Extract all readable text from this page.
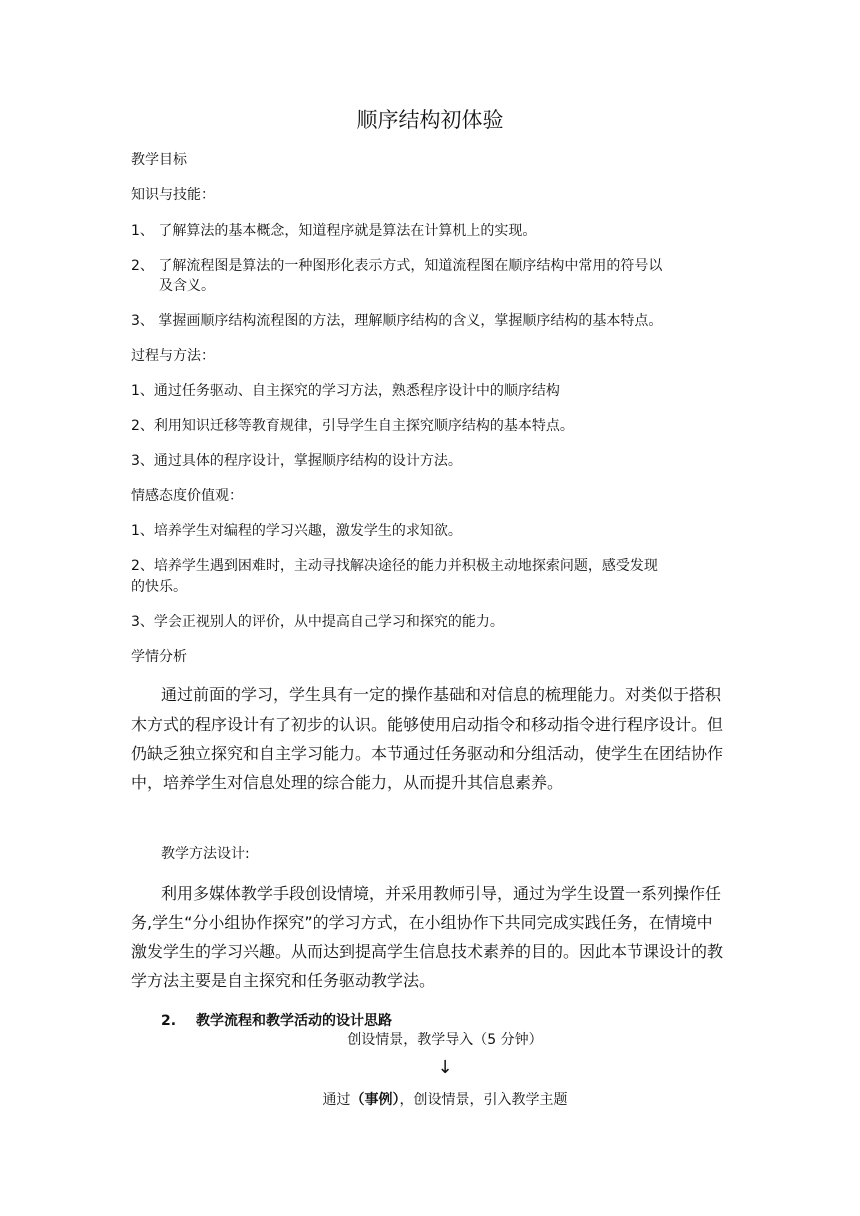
顺序结构初体验
教学目标
知识与技能：
1、 了解算法的基本概念，知道程序就是算法在计算机上的实现。
2、 了解流程图是算法的一种图形化表示方式，知道流程图在顺序结构中常用的符号以
及含义。
3、 掌握画顺序结构流程图的方法，理解顺序结构的含义，掌握顺序结构的基本特点。
过程与方法：
1、通过任务驱动、自主探究的学习方法，熟悉程序设计中的顺序结构
2、利用知识迁移等教育规律，引导学生自主探究顺序结构的基本特点。
3、通过具体的程序设计，掌握顺序结构的设计方法。
情感态度价值观：
1、培养学生对编程的学习兴趣，激发学生的求知欲。
2、培养学生遇到困难时，主动寻找解决途径的能力并积极主动地探索问题，感受发现
的快乐。
3、学会正视别人的评价，从中提高自己学习和探究的能力。
学情分析
通过前面的学习，学生具有一定的操作基础和对信息的梳理能力。对类似于搭积
木方式的程序设计有了初步的认识。能够使用启动指令和移动指令进行程序设计。但
仍缺乏独立探究和自主学习能力。本节通过任务驱动和分组活动，使学生在团结协作
中，培养学生对信息处理的综合能力，从而提升其信息素养。
教学方法设计:
利用多媒体教学手段创设情境，并采用教师引导，通过为学生设置一系列操作任
务,学生“分小组协作探究”的学习方式，在小组协作下共同完成实践任务，在情境中
激发学生的学习兴趣。从而达到提高学生信息技术素养的目的。因此本节课设计的教
学方法主要是自主探究和任务驱动教学法。
2. 教学流程和教学活动的设计思路
创设情景，教学导入（5 分钟）
↓
通过（事例），创设情景，引入教学主题
